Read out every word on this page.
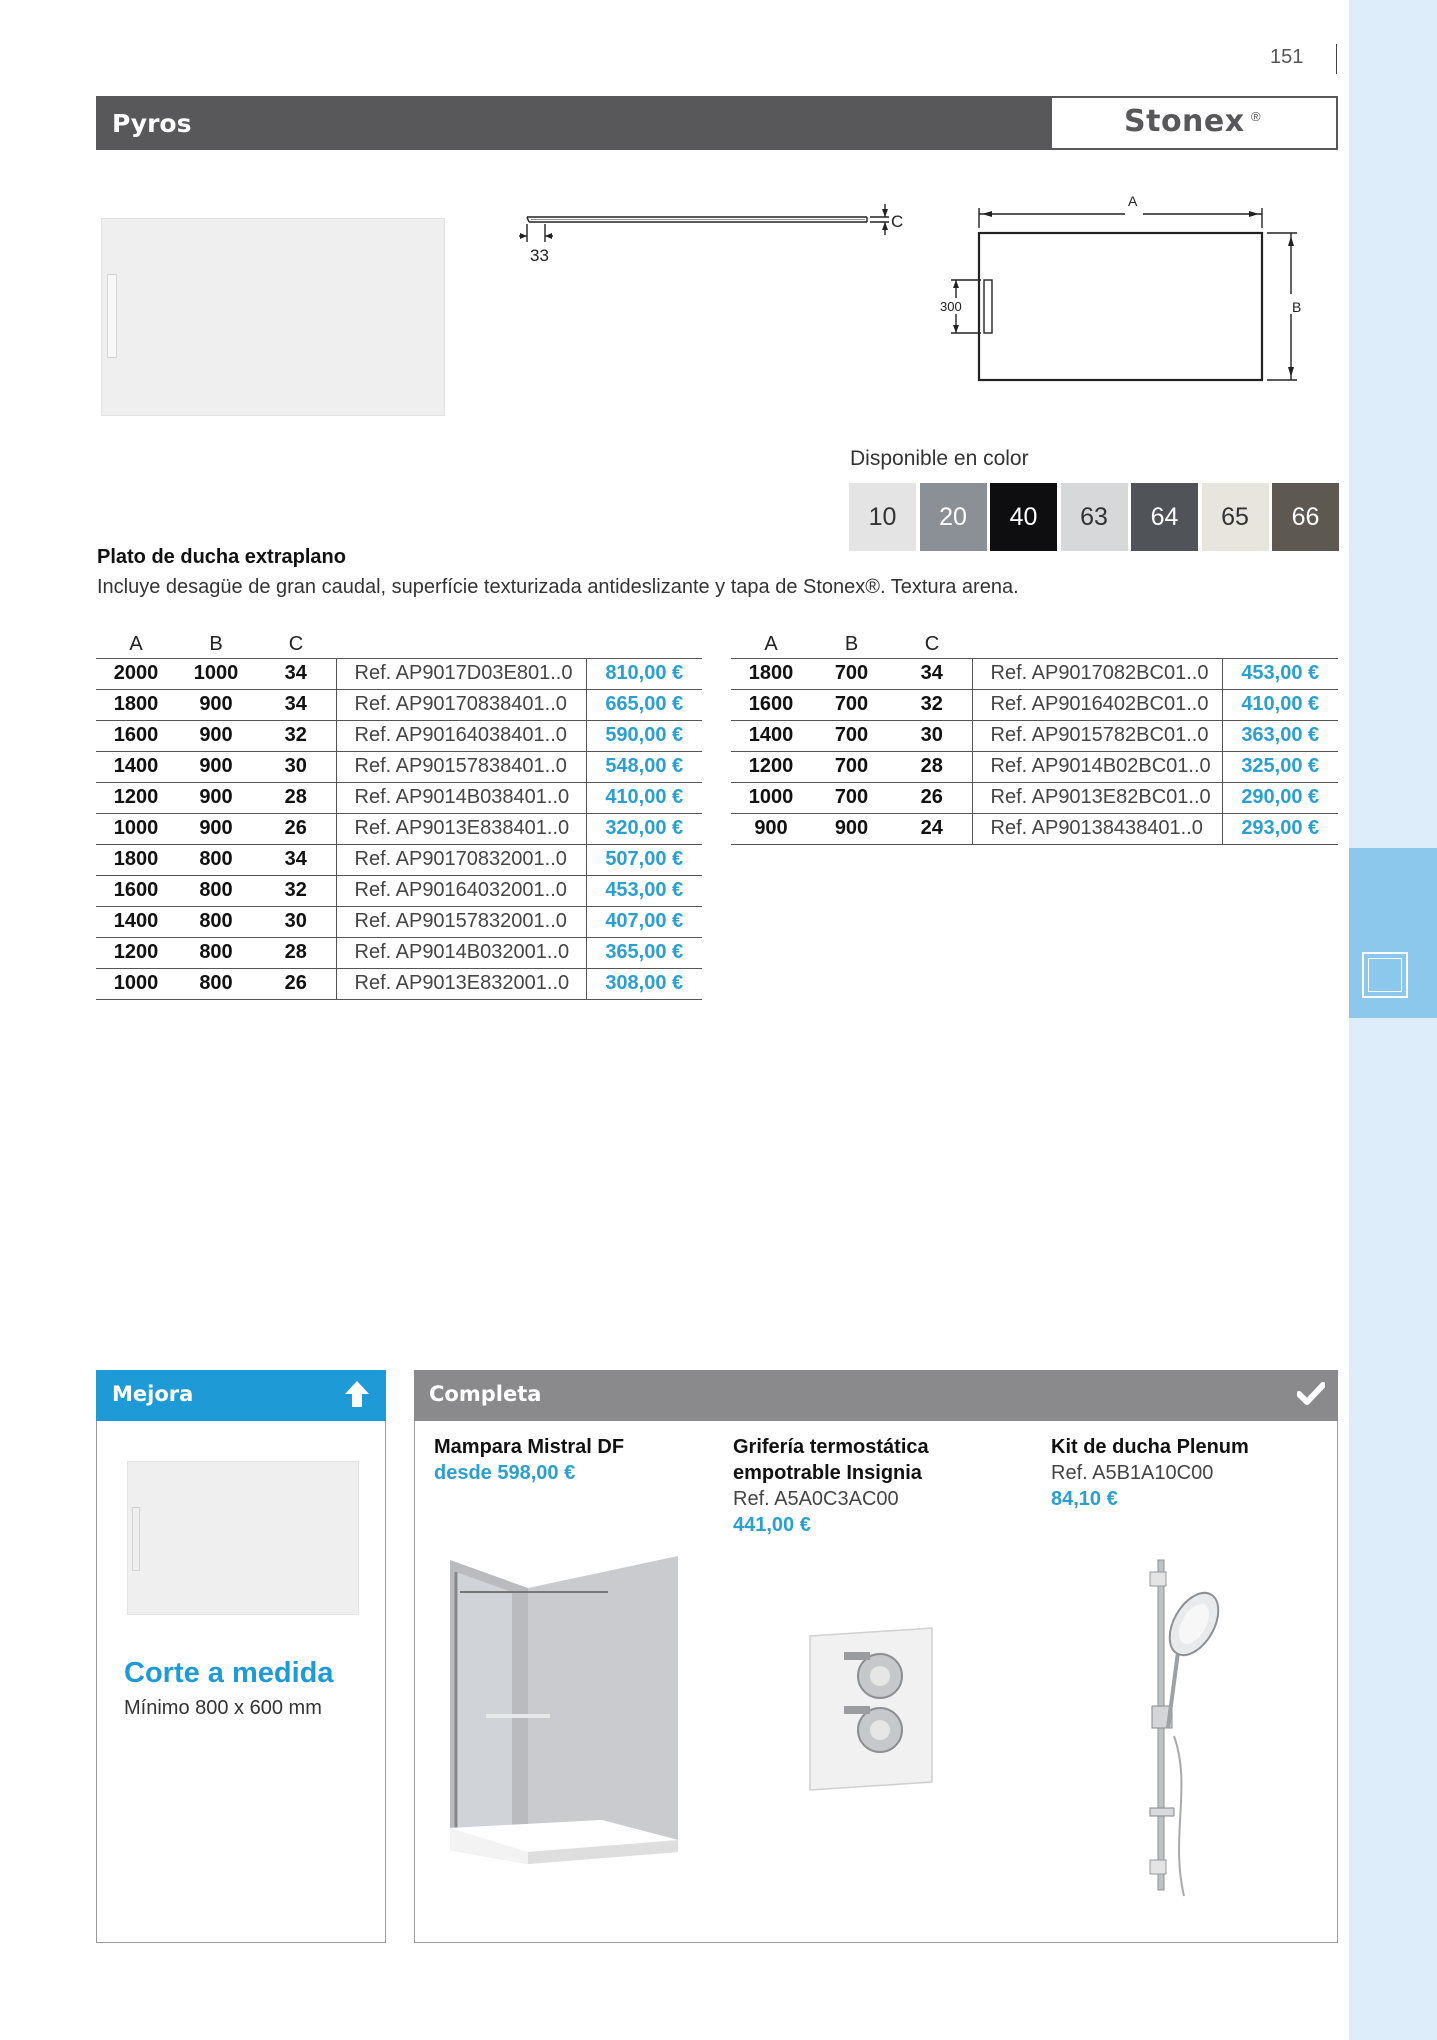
151
Pyros	Stonex ®
33
C
A
B
300
Disponible en color
10	20	40	63	64	65	66
Plato de ducha extraplano
Incluye desagüe de gran caudal, superfície texturizada antideslizante y tapa de Stonex®. Textura arena.
A	B	C		
2000	1000	34	Ref. AP9017D03E801..0	810,00 €
1800	900	34	Ref. AP90170838401..0	665,00 €
1600	900	32	Ref. AP90164038401..0	590,00 €
1400	900	30	Ref. AP90157838401..0	548,00 €
1200	900	28	Ref. AP9014B038401..0	410,00 €
1000	900	26	Ref. AP9013E838401..0	320,00 €
1800	800	34	Ref. AP90170832001..0	507,00 €
1600	800	32	Ref. AP90164032001..0	453,00 €
1400	800	30	Ref. AP90157832001..0	407,00 €
1200	800	28	Ref. AP9014B032001..0	365,00 €
1000	800	26	Ref. AP9013E832001..0	308,00 €
A	B	C		
1800	700	34	Ref. AP9017082BC01..0	453,00 €
1600	700	32	Ref. AP9016402BC01..0	410,00 €
1400	700	30	Ref. AP9015782BC01..0	363,00 €
1200	700	28	Ref. AP9014B02BC01..0	325,00 €
1000	700	26	Ref. AP9013E82BC01..0	290,00 €
900	900	24	Ref. AP90138438401..0	293,00 €
Mejora
Corte a medida
Mínimo 800 x 600 mm
Completa
Mampara Mistral DF
desde 598,00 €
Grifería termostática
empotrable Insignia
Ref. A5A0C3AC00
441,00 €
Kit de ducha Plenum
Ref. A5B1A10C00
84,10 €
